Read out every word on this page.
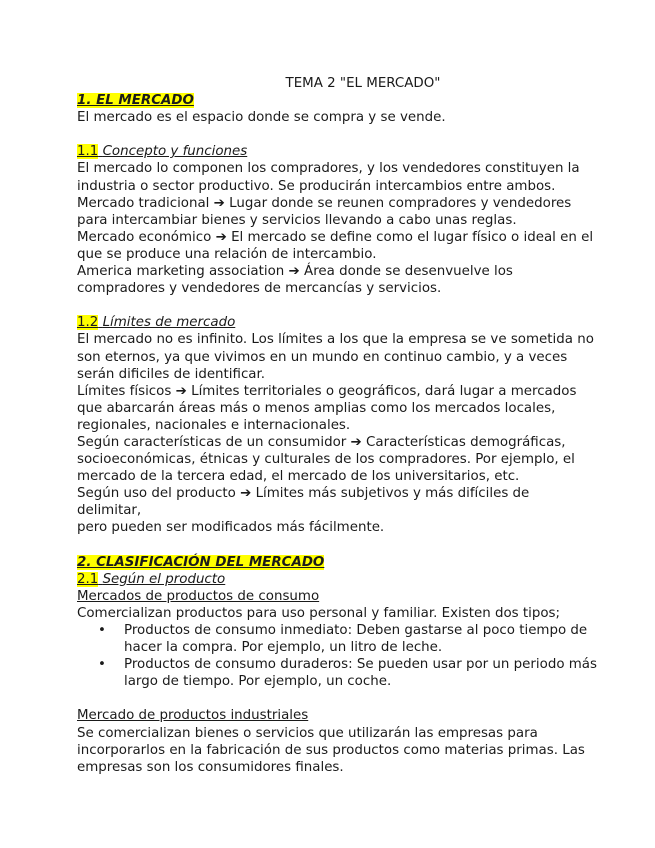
TEMA 2 "EL MERCADO"
1. EL MERCADO
El mercado es el espacio donde se compra y se vende.
1.1 Concepto y funciones
El mercado lo componen los compradores, y los vendedores constituyen la
industria o sector productivo. Se producirán intercambios entre ambos.
Mercado tradicional ➔ Lugar donde se reunen compradores y vendedores
para intercambiar bienes y servicios llevando a cabo unas reglas.
Mercado económico ➔ El mercado se define como el lugar físico o ideal en el
que se produce una relación de intercambio.
America marketing association ➔ Área donde se desenvuelve los
compradores y vendedores de mercancías y servicios.
1.2 Límites de mercado
El mercado no es infinito. Los límites a los que la empresa se ve sometida no
son eternos, ya que vivimos en un mundo en continuo cambio, y a veces
serán dificiles de identificar.
Límites físicos ➔ Límites territoriales o geográficos, dará lugar a mercados
que abarcarán áreas más o menos amplias como los mercados locales,
regionales, nacionales e internacionales.
Según características de un consumidor ➔ Características demográficas,
socioeconómicas, étnicas y culturales de los compradores. Por ejemplo, el
mercado de la tercera edad, el mercado de los universitarios, etc.
Según uso del producto ➔ Límites más subjetivos y más difíciles de delimitar,
pero pueden ser modificados más fácilmente.
2. CLASIFICACIÓN DEL MERCADO
2.1 Según el producto
Mercados de productos de consumo
Comercializan productos para uso personal y familiar. Existen dos tipos;
• Productos de consumo inmediato: Deben gastarse al poco tiempo de
hacer la compra. Por ejemplo, un litro de leche.
• Productos de consumo duraderos: Se pueden usar por un periodo más
largo de tiempo. Por ejemplo, un coche.
Mercado de productos industriales
Se comercializan bienes o servicios que utilizarán las empresas para
incorporarlos en la fabricación de sus productos como materias primas. Las
empresas son los consumidores finales.
